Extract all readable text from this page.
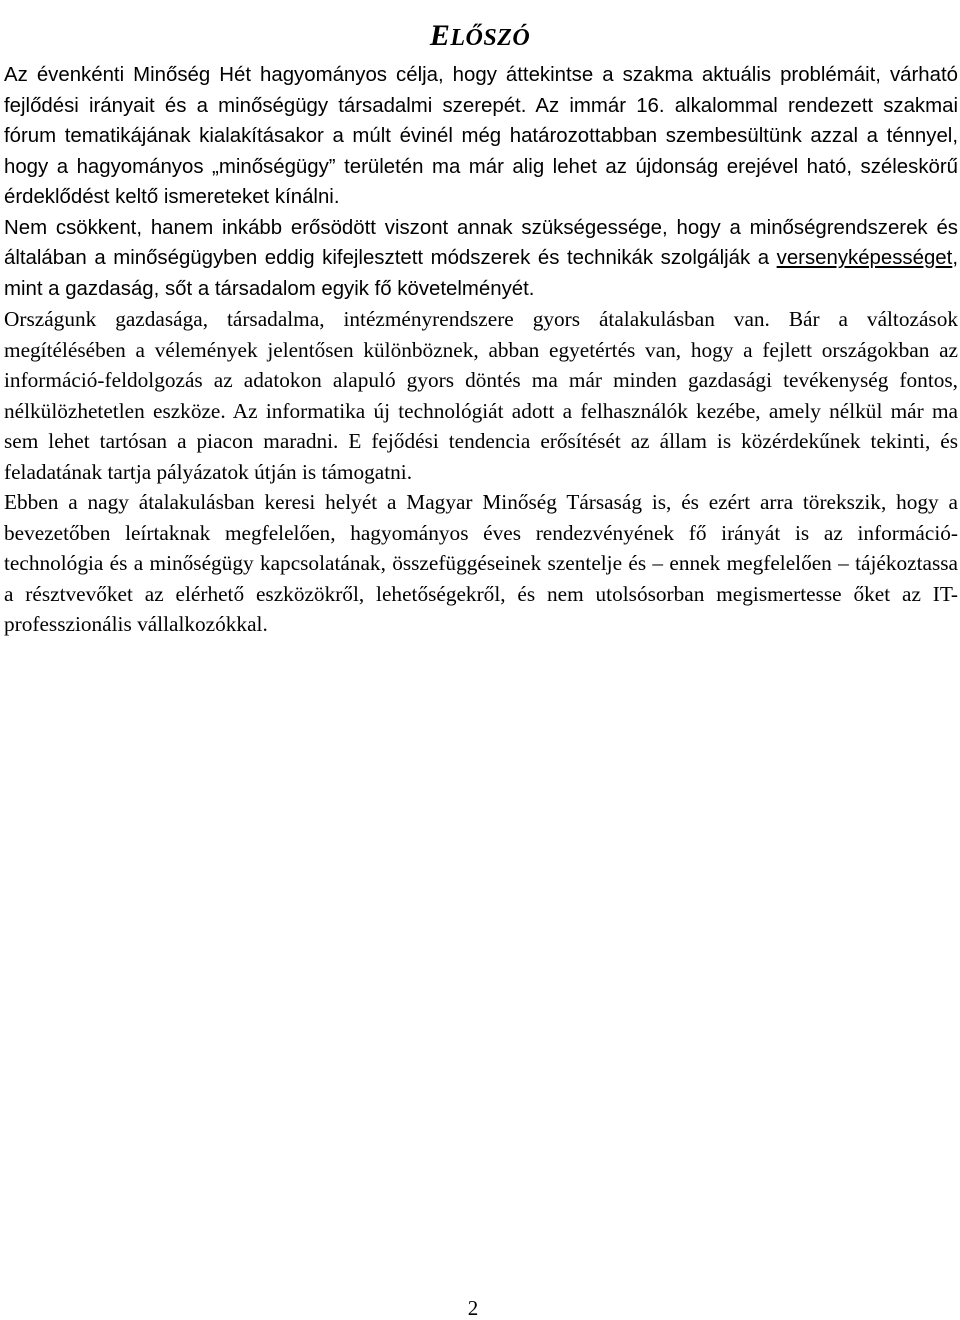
ELŐSZÓ

Az évenkénti Minőség Hét hagyományos célja, hogy áttekintse a szakma aktuális problémáit, várható fejlődési irányait és a minőségügy társadalmi szerepét. Az immár 16. alkalommal rendezett szakmai fórum tematikájának kialakításakor a múlt évinél még határozottabban szembesültünk azzal a ténnyel, hogy a hagyományos „minőségügy” területén ma már alig lehet az újdonság erejével ható, széleskörű érdeklődést keltő ismereteket kínálni.

Nem csökkent, hanem inkább erősödött viszont annak szükségessége, hogy a minőségrendszerek és általában a minőségügyben eddig kifejlesztett módszerek és technikák szolgálják a versenyképességet, mint a gazdaság, sőt a társadalom egyik fő követelményét.

Országunk gazdasága, társadalma, intézményrendszere gyors átalakulásban van. Bár a változások megítélésében a vélemények jelentősen különböznek, abban egyetértés van, hogy a fejlett országokban az információ-feldolgozás az adatokon alapuló gyors döntés ma már minden gazdasági tevékenység fontos, nélkülözhetetlen eszköze. Az informatika új technológiát adott a felhasználók kezébe, amely nélkül már ma sem lehet tartósan a piacon maradni. E fejődési tendencia erősítését az állam is közérdekűnek tekinti, és feladatának tartja pályázatok útján is támogatni.

Ebben a nagy átalakulásban keresi helyét a Magyar Minőség Társaság is, és ezért arra törekszik, hogy a bevezetőben leírtaknak megfelelően, hagyományos éves rendezvényének fő irányát is az információ-technológia és a minőségügy kapcsolatának, összefüggéseinek szentelje és – ennek megfelelően – tájékoztassa a résztvevőket az elérhető eszközökről, lehetőségekről, és nem utolsósorban megismertesse őket az IT-professzionális vállalkozókkal.

2
